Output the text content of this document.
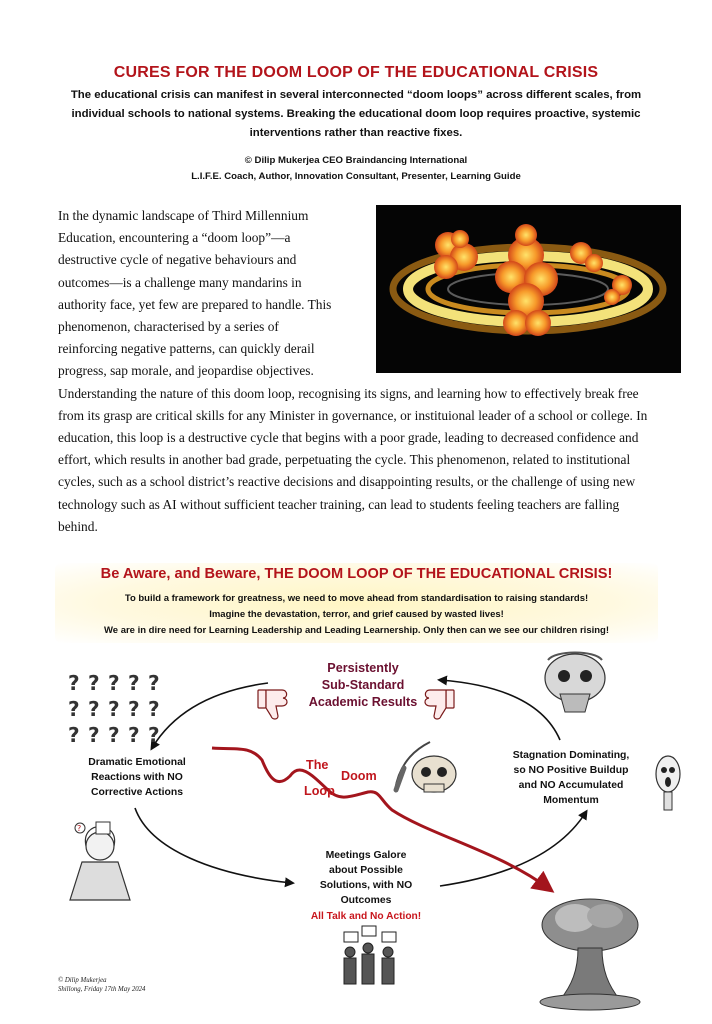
CURES FOR THE DOOM LOOP OF THE EDUCATIONAL CRISIS
The educational crisis can manifest in several interconnected “doom loops” across different scales, from individual schools to national systems. Breaking the educational doom loop requires proactive, systemic interventions rather than reactive fixes.
© Dilip Mukerjea CEO Braindancing International
L.I.F.E. Coach, Author, Innovation Consultant, Presenter, Learning Guide
In the dynamic landscape of Third Millennium Education, encountering a “doom loop”—a destructive cycle of negative behaviours and outcomes—is a challenge many mandarins in authority face, yet few are prepared to handle. This phenomenon, characterised by a series of reinforcing negative patterns, can quickly derail progress, sap morale, and jeopardise objectives. Understanding the nature of this doom loop, recognising its signs, and learning how to effectively break free from its grasp are critical skills for any Minister in governance, or instituional leader of a school or college. In education, this loop is a destructive cycle that begins with a poor grade, leading to decreased confidence and effort, which results in another bad grade, perpetuating the cycle. This phenomenon, related to institutional cycles, such as a school district’s reactive decisions and disappointing results, or the challenge of using new technology such as AI without sufficient teacher training, can lead to students feeling teachers are falling behind.
Be Aware, and Beware, THE DOOM LOOP OF THE EDUCATIONAL CRISIS!
To build a framework for greatness, we need to move ahead from standardisation to raising standards!
Imagine the devastation, terror, and grief caused by wasted lives!
We are in dire need for Learning Leadership and Leading Learnership. Only then can we see our children rising!
? ? ? ? ?
? ? ? ? ?
? ? ? ? ?
?
Persistently
Sub-Standard
Academic Results
Dramatic Emotional
Reactions with NO
Corrective Actions
Stagnation Dominating,
so NO Positive Buildup
and NO Accumulated
Momentum
Meetings Galore
about Possible
Solutions, with NO
Outcomes
All Talk and No Action!
The
Doom
Loop
© Dilip Mukerjea
Shillong, Friday 17th May 2024
